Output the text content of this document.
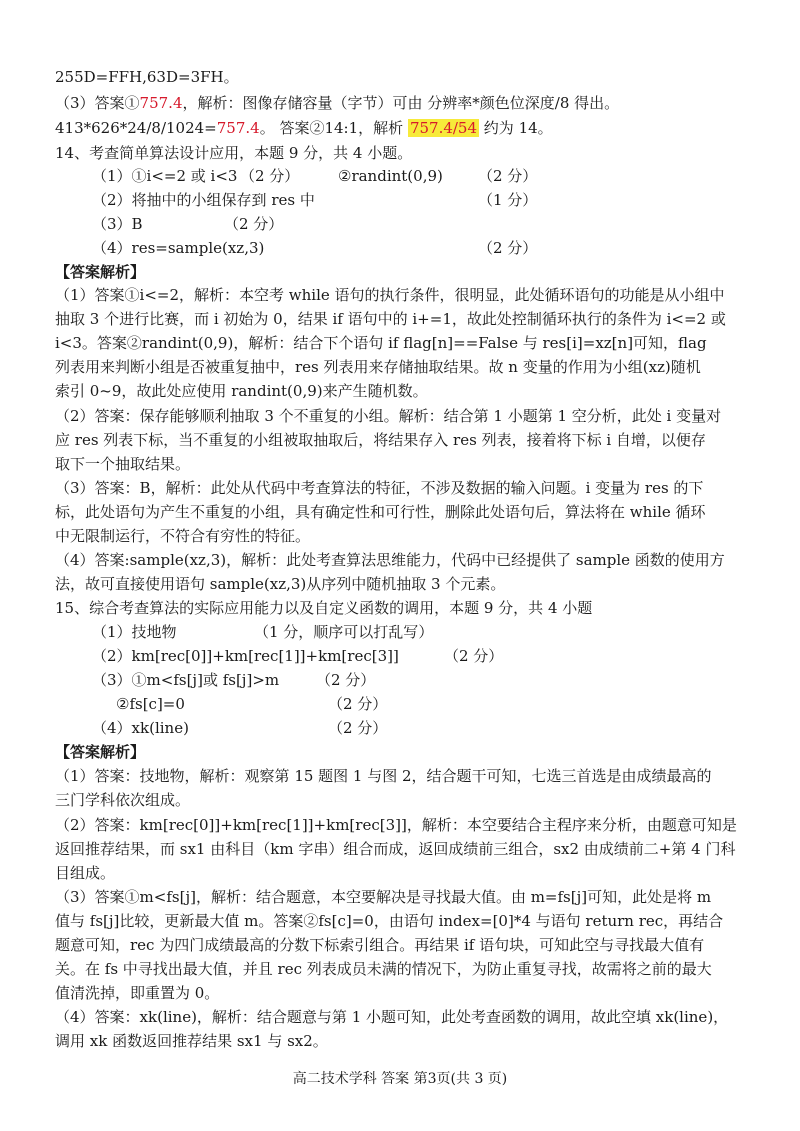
255D=FFH,63D=3FH。
（3）答案①757.4，解析：图像存储容量（字节）可由 分辨率*颜色位深度/8 得出。
413*626*24/8/1024=757.4。 答案②14:1，解析 757.4/54 约为 14。
14、考查简单算法设计应用，本题 9 分，共 4 小题。
（1）①i<=2 或 i<3 （2 分）	②randint(0,9) （2 分）
（2）将抽中的小组保存到 res 中	（1 分）
（3）B	（2 分）
（4）res=sample(xz,3)	（2 分）
【答案解析】
（1）答案①i<=2，解析：本空考 while 语句的执行条件，很明显，此处循环语句的功能是从小组中
抽取 3 个进行比赛，而 i 初始为 0，结果 if 语句中的 i+=1，故此处控制循环执行的条件为 i<=2 或
i<3。答案②randint(0,9)，解析：结合下个语句 if flag[n]==False 与 res[i]=xz[n]可知，flag
列表用来判断小组是否被重复抽中，res 列表用来存储抽取结果。故 n 变量的作用为小组(xz)随机
索引 0~9，故此处应使用 randint(0,9)来产生随机数。
（2）答案：保存能够顺利抽取 3 个不重复的小组。解析：结合第 1 小题第 1 空分析，此处 i 变量对
应 res 列表下标，当不重复的小组被取抽取后，将结果存入 res 列表，接着将下标 i 自增，以便存
取下一个抽取结果。
（3）答案：B，解析：此处从代码中考查算法的特征，不涉及数据的输入问题。i 变量为 res 的下
标，此处语句为产生不重复的小组，具有确定性和可行性，删除此处语句后，算法将在 while 循环
中无限制运行，不符合有穷性的特征。
（4）答案:sample(xz,3)，解析：此处考查算法思维能力，代码中已经提供了 sample 函数的使用方
法，故可直接使用语句 sample(xz,3)从序列中随机抽取 3 个元素。
15、综合考查算法的实际应用能力以及自定义函数的调用，本题 9 分，共 4 小题
（1）技地物	（1 分，顺序可以打乱写）
（2）km[rec[0]]+km[rec[1]]+km[rec[3]]	（2 分）
（3）①m<fs[j]或 fs[j]>m （2 分）
②fs[c]=0	（2 分）
（4）xk(line)	（2 分）
【答案解析】
（1）答案：技地物，解析：观察第 15 题图 1 与图 2，结合题干可知，七选三首选是由成绩最高的
三门学科依次组成。
（2）答案：km[rec[0]]+km[rec[1]]+km[rec[3]]，解析：本空要结合主程序来分析，由题意可知是
返回推荐结果，而 sx1 由科目（km 字串）组合而成，返回成绩前三组合，sx2 由成绩前二+第 4 门科
目组成。
（3）答案①m<fs[j]，解析：结合题意，本空要解决是寻找最大值。由 m=fs[j]可知，此处是将 m
值与 fs[j]比较，更新最大值 m。答案②fs[c]=0，由语句 index=[0]*4 与语句 return rec，再结合
题意可知，rec 为四门成绩最高的分数下标索引组合。再结果 if 语句块，可知此空与寻找最大值有
关。在 fs 中寻找出最大值，并且 rec 列表成员未满的情况下，为防止重复寻找，故需将之前的最大
值清洗掉，即重置为 0。
（4）答案：xk(line)，解析：结合题意与第 1 小题可知，此处考查函数的调用，故此空填 xk(line)，
调用 xk 函数返回推荐结果 sx1 与 sx2。
高二技术学科 答案 第3页(共 3 页)
